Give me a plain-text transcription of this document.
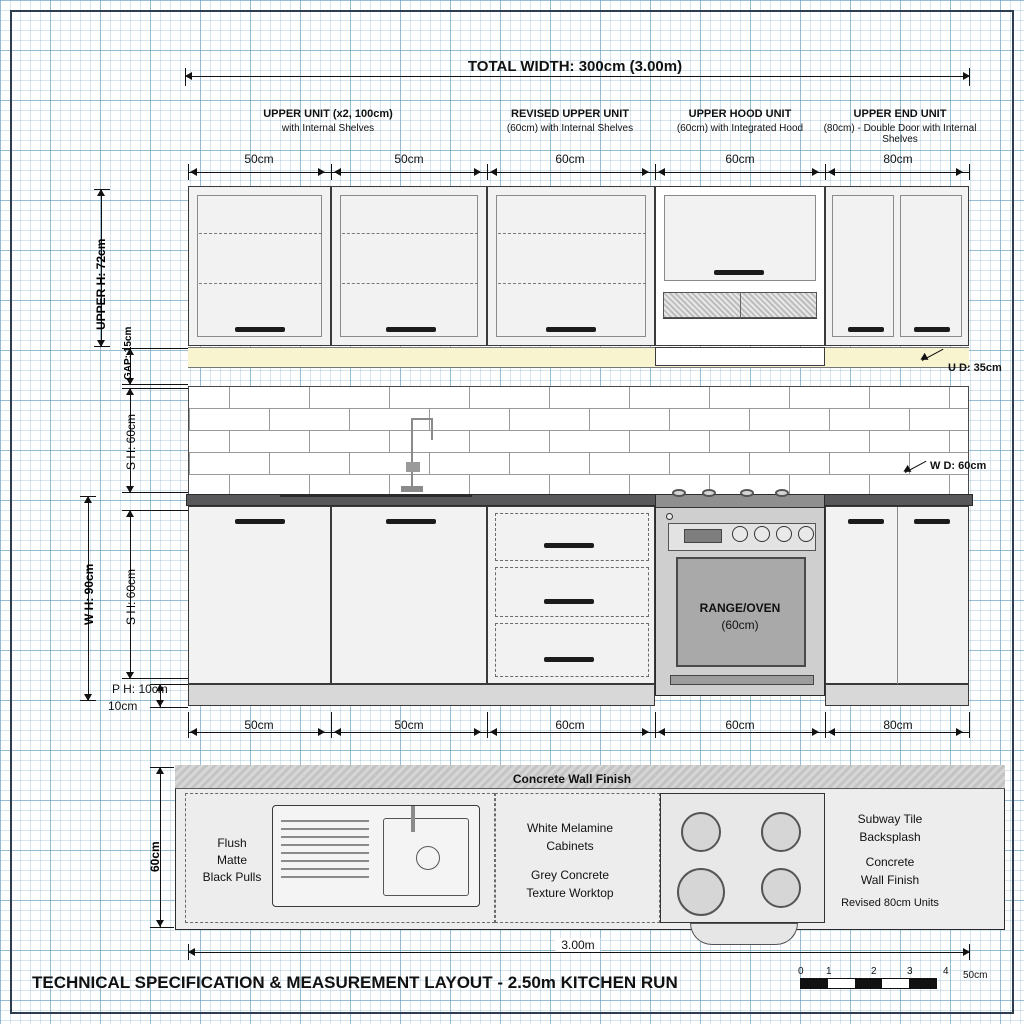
TOTAL WIDTH: 300cm (3.00m)
UPPER UNIT (x2, 100cm)
with Internal Shelves
REVISED UPPER UNIT
(60cm) with Internal Shelves
UPPER HOOD UNIT
(60cm) with Integrated Hood
UPPER END UNIT
(80cm) - Double Door with Internal Shelves
50cm	50cm	60cm	60cm	80cm
U D: 35cm
W D: 60cm
RANGE/OVEN
(60cm)
50cm	50cm	60cm	60cm	80cm
UPPER H: 72cm
GAP: 15cm
S H: 60cm
W H: 90cm S H: 60cm
P H: 10cm
10cm
Concrete Wall Finish
Flush
Matte
Black Pulls
White Melamine
Cabinets
Grey Concrete
Texture Worktop
Subway Tile
Backsplash
Concrete
Wall Finish
Revised 80cm Units
60cm
3.00m
TECHNICAL SPECIFICATION & MEASUREMENT LAYOUT - 2.50m KITCHEN RUN
0 1	2	3	4 50cm
